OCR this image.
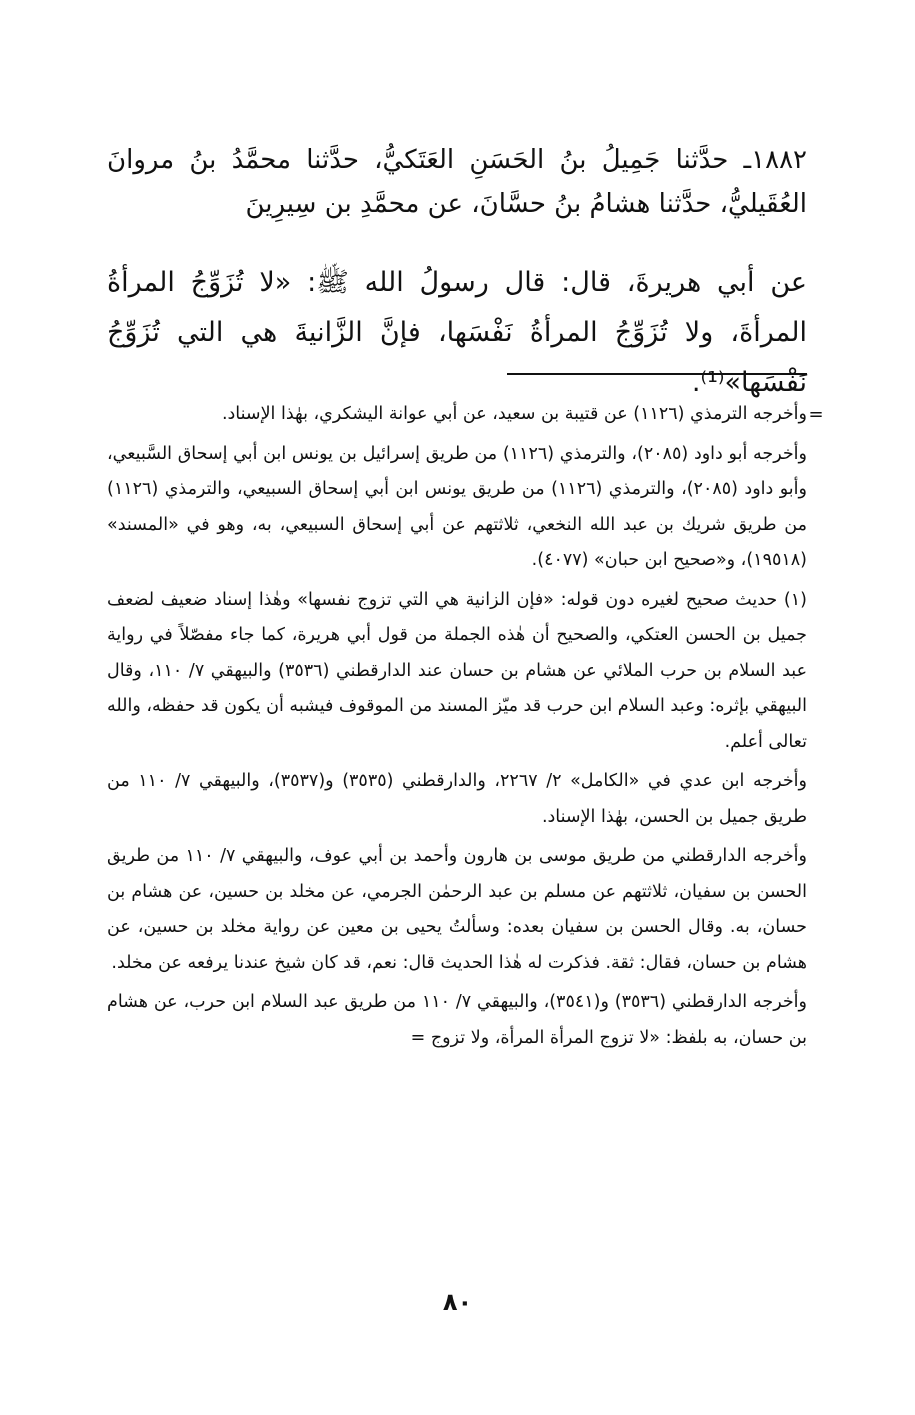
١٨٨٢ـ حدَّثنا جَمِيلُ بنُ الحَسَنِ العَتَكيُّ، حدَّثنا محمَّدُ بنُ مروانَ العُقَيليُّ، حدَّثنا هشامُ بنُ حسَّانَ، عن محمَّدِ بن سِيرِينَ
عن أبي هريرةَ، قال: قال رسولُ الله ﷺ: «لا تُزَوِّجُ المرأةُ المرأةَ، ولا تُزَوِّجُ المرأةُ نَفْسَها، فإنَّ الزَّانيةَ هي التي تُزَوِّجُ نَفْسَها»⁽¹⁾.
=

وأخرجه الترمذي (١١٢٦) عن قتيبة بن سعيد، عن أبي عوانة اليشكري، بهٰذا الإسناد.

وأخرجه أبو داود (٢٠٨٥)، والترمذي (١١٢٦) من طريق إسرائيل بن يونس ابن أبي إسحاق السَّبيعي، وأبو داود (٢٠٨٥)، والترمذي (١١٢٦) من طريق يونس ابن أبي إسحاق السبيعي، والترمذي (١١٢٦) من طريق شريك بن عبد الله النخعي، ثلاثتهم عن أبي إسحاق السبيعي، به، وهو في «المسند» (١٩٥١٨)، و«صحيح ابن حبان» (٤٠٧٧).

(١) حديث صحيح لغيره دون قوله: «فإن الزانية هي التي تزوج نفسها» وهٰذا إسناد ضعيف لضعف جميل بن الحسن العتكي، والصحيح أن هٰذه الجملة من قول أبي هريرة، كما جاء مفصّلاً في رواية عبد السلام بن حرب الملائي عن هشام بن حسان عند الدارقطني (٣٥٣٦) والبيهقي ٧/ ١١٠، وقال البيهقي بإثره: وعبد السلام ابن حرب قد ميّز المسند من الموقوف فيشبه أن يكون قد حفظه، والله تعالى أعلم.

وأخرجه ابن عدي في «الكامل» ٢/ ٢٢٦٧، والدارقطني (٣٥٣٥) و(٣٥٣٧)، والبيهقي ٧/ ١١٠ من طريق جميل بن الحسن، بهٰذا الإسناد.

وأخرجه الدارقطني من طريق موسى بن هارون وأحمد بن أبي عوف، والبيهقي ٧/ ١١٠ من طريق الحسن بن سفيان، ثلاثتهم عن مسلم بن عبد الرحمٰن الجرمي، عن مخلد بن حسين، عن هشام بن حسان، به. وقال الحسن بن سفيان بعده: وسألتُ يحيى بن معين عن رواية مخلد بن حسين، عن هشام بن حسان، فقال: ثقة. فذكرت له هٰذا الحديث قال: نعم، قد كان شيخ عندنا يرفعه عن مخلد.

وأخرجه الدارقطني (٣٥٣٦) و(٣٥٤١)، والبيهقي ٧/ ١١٠ من طريق عبد السلام ابن حرب، عن هشام بن حسان، به بلفظ: «لا تزوج المرأة المرأة، ولا تزوج =

٨٠
